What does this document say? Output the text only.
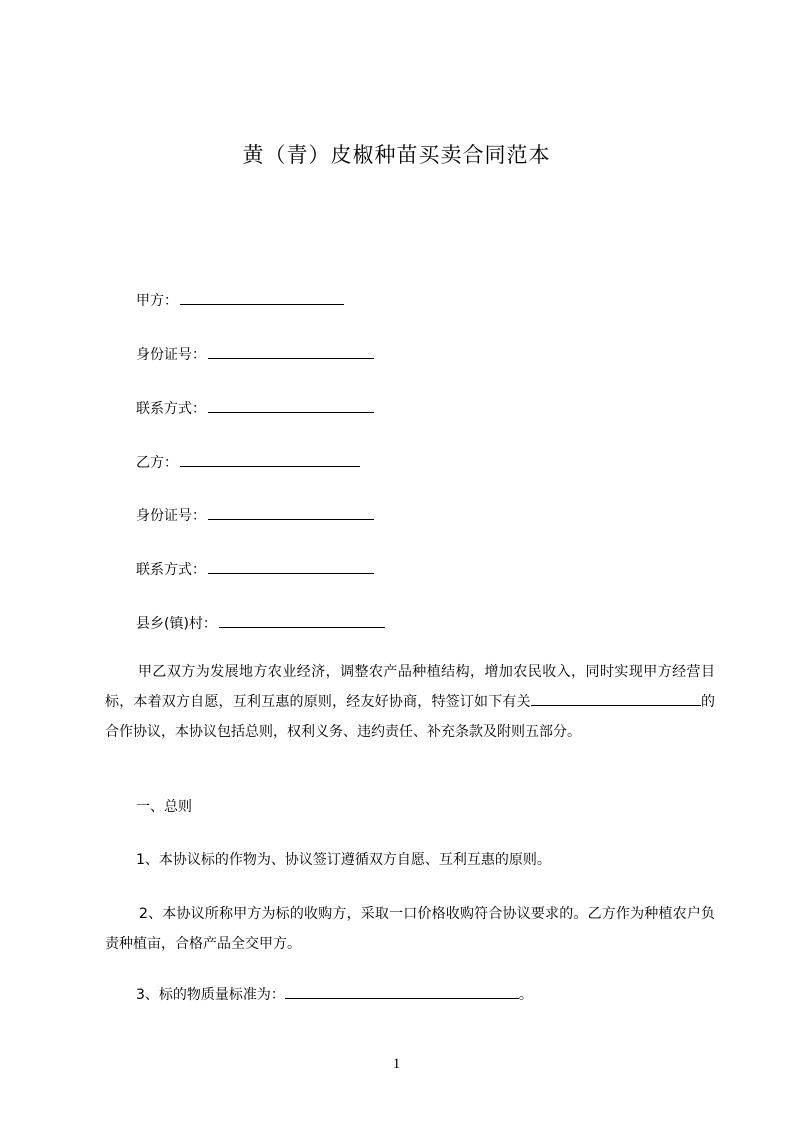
黄（青）皮椒种苗买卖合同范本
甲方：
身份证号：
联系方式：
乙方：
身份证号：
联系方式：
县乡(镇)村：
甲乙双方为发展地方农业经济，调整农产品种植结构，增加农民收入，同时实现甲方经营目标，本着双方自愿，互利互惠的原则，经友好协商，特签订如下有关	的合作协议，本协议包括总则，权利义务、违约责任、补充条款及附则五部分。
一、总则
1、本协议标的作物为、协议签订遵循双方自愿、互利互惠的原则。
2、本协议所称甲方为标的收购方，采取一口价格收购符合协议要求的。乙方作为种植农户负责种植亩，合格产品全交甲方。
3、标的物质量标准为：	。
1
